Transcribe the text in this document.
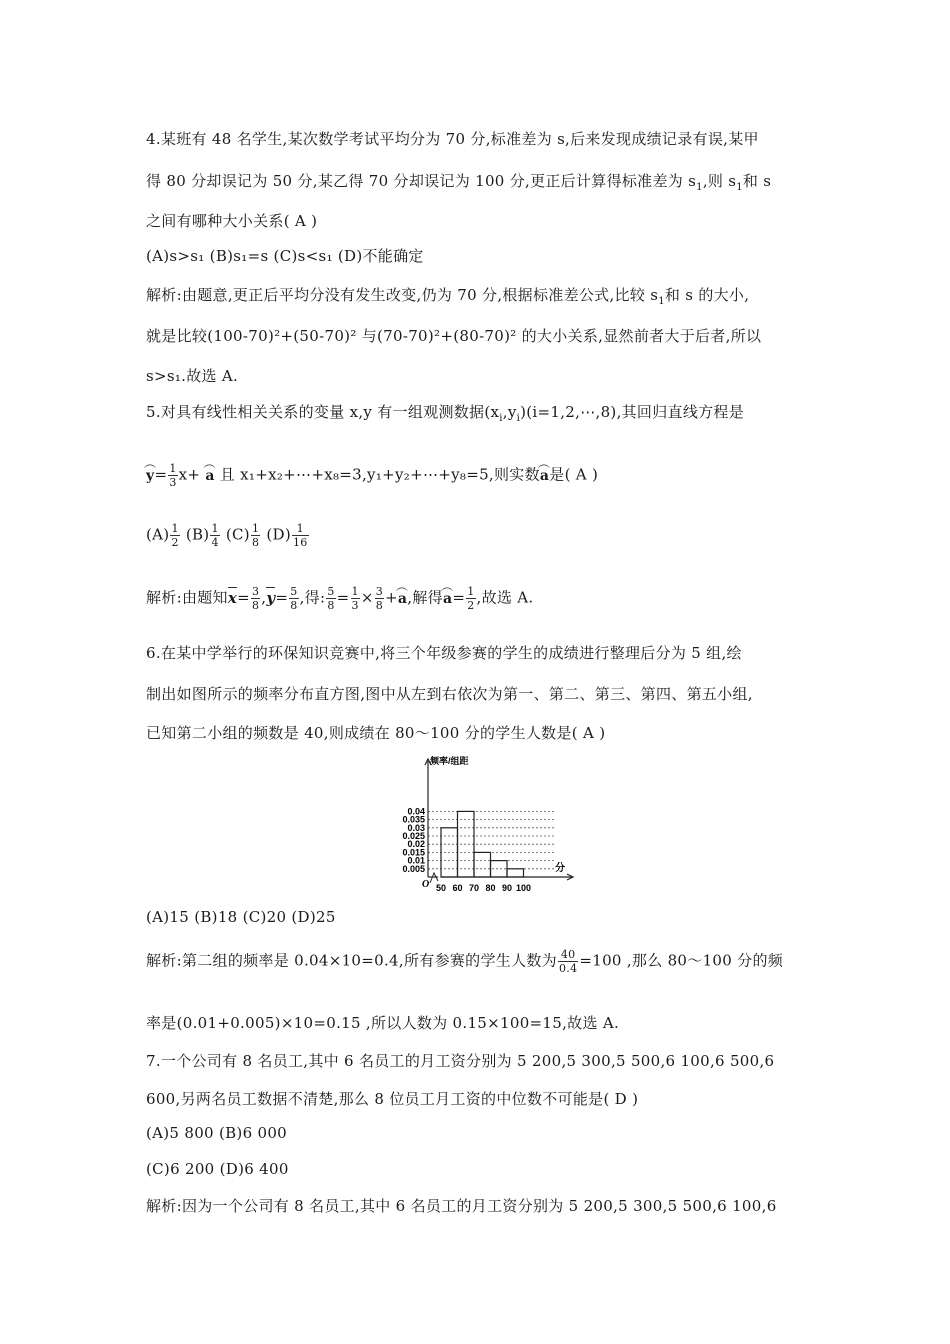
4.某班有 48 名学生,某次数学考试平均分为 70 分,标准差为 s,后来发现成绩记录有误,某甲
得 80 分却误记为 50 分,某乙得 70 分却误记为 100 分,更正后计算得标准差为 $s_1$,则 $s_1$和 s
之间有哪种大小关系( A )
(A)s>s₁ (B)s₁=s (C)s<s₁ (D)不能确定
解析:由题意,更正后平均分没有发生改变,仍为 70 分,根据标准差公式,比较 $s_1$和 s 的大小,
就是比较(100-70)²+(50-70)² 与(70-70)²+(80-70)² 的大小关系,显然前者大于后者,所以
s>s₁.故选 A.
5.对具有线性相关关系的变量 x,y 有一组观测数据$(x_i,y_i)(i=1,2,\cdots,8)$,其回归直线方程是
︵ $y= \frac{1}{3} x+$ ︵ a 且 x₁+x₂+⋯+x₈=3,y₁+y₂+⋯+y₈=5,则实数︵ a是( A )
$(A) \frac{1}{2} (B) \frac{1}{4} (C) \frac{1}{8} (D) \frac{1}{16}$
解析:由题知$x= \frac{3}{8} ,y= \frac{5}{8}$ ,得: $\frac{5}{8} = \frac{1}{3} \times \frac{3}{8}$ +︵ a,解得︵ $a= \frac{1}{2}$ ,故选 A.
6.在某中学举行的环保知识竞赛中,将三个年级参赛的学生的成绩进行整理后分为 5 组,绘
制出如图所示的频率分布直方图,图中从左到右依次为第一、第二、第三、第四、第五小组,
已知第二小组的频数是 40,则成绩在 80～100 分的学生人数是( A )
0.04
0.035
0.03
0.025
0.02
0.015
0.01
0.005
50 60 70 80 90 100
O
频率/组距
分
(A)15 (B)18 (C)20 (D)25
解析:第二组的频率是 0.04×10=0.4,所有参赛的学生人数为 $\frac{40}{0.4} =100$ ,那么 80～100 分的频
率是(0.01+0.005)×10=0.15 ,所以人数为 0.15×100=15,故选 A.
7.一个公司有 8 名员工,其中 6 名员工的月工资分别为 5 200,5 300,5 500,6 100,6 500,6
600,另两名员工数据不清楚,那么 8 位员工月工资的中位数不可能是( D )
(A)5 800 (B)6 000
(C)6 200 (D)6 400
解析:因为一个公司有 8 名员工,其中 6 名员工的月工资分别为 5 200,5 300,5 500,6 100,6
